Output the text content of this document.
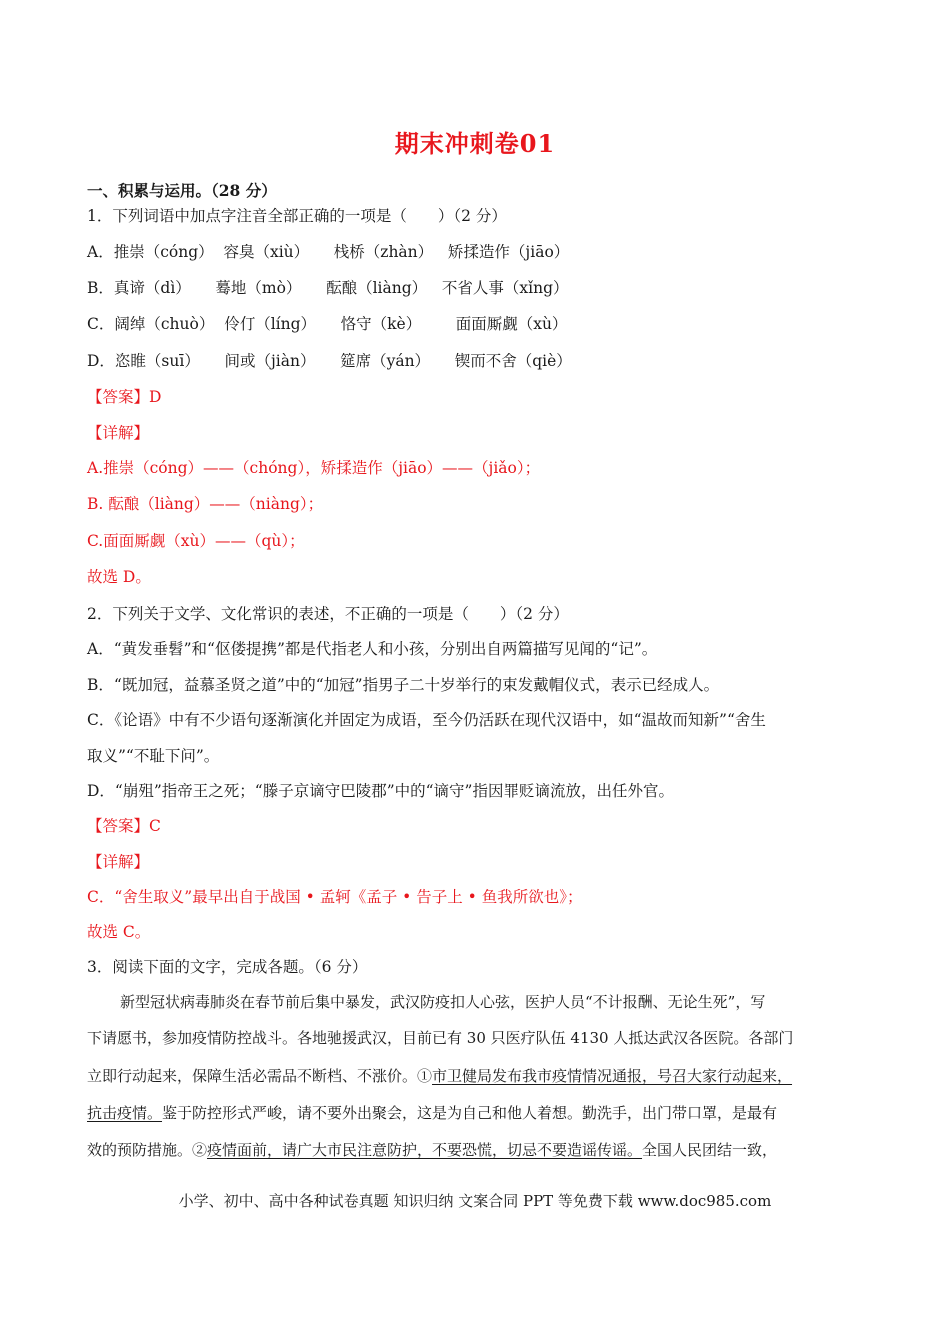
期末冲刺卷01
一、积累与运用。（28 分）
1．下列词语中加点字注音全部正确的一项是（　　）（2 分）
A．推崇（cóng）  容臭（xiù）     栈桥（zhàn）   矫揉造作（jiāo）
B．真谛（dì）     蓦地（mò）     酝酿（liàng）   不省人事（xǐng）
C．阔绰（chuò）  伶仃（líng）     恪守（kè）       面面厮觑（xù）
D．恣睢（suī）     间或（jiàn）     筵席（yán）     锲而不舍（qiè）
【答案】D
【详解】
A.推崇（cóng）——（chóng），矫揉造作（jiāo）——（jiǎo）；
B. 酝酿（liàng）——（niàng）；
C.面面厮觑（xù）——（qù）；
故选 D。
2．下列关于文学、文化常识的表述，不正确的一项是（　　）（2 分）
A．“黄发垂髫”和“伛偻提携”都是代指老人和小孩，分别出自两篇描写见闻的“记”。
B．“既加冠，益慕圣贤之道”中的“加冠”指男子二十岁举行的束发戴帽仪式，表示已经成人。
C．《论语》中有不少语句逐渐演化并固定为成语，至今仍活跃在现代汉语中，如“温故而知新”“舍生
取义”“不耻下问”。
D．“崩殂”指帝王之死；“滕子京谪守巴陵郡”中的“谪守”指因罪贬谪流放，出任外官。
【答案】C
【详解】
C．“舍生取义”最早出自于战国 • 孟轲《孟子 • 告子上 • 鱼我所欲也》；
故选 C。
3．阅读下面的文字，完成各题。（6 分）
新型冠状病毒肺炎在春节前后集中暴发，武汉防疫扣人心弦，医护人员“不计报酬、无论生死”，写
下请愿书，参加疫情防控战斗。各地驰援武汉，目前已有 30 只医疗队伍 4130 人抵达武汉各医院。各部门
立即行动起来，保障生活必需品不断档、不涨价。①市卫健局发布我市疫情情况通报，号召大家行动起来，
抗击疫情。鉴于防控形式严峻，请不要外出聚会，这是为自己和他人着想。勤洗手，出门带口罩，是最有
效的预防措施。②疫情面前，请广大市民注意防护，不要恐慌，切忌不要造谣传谣。全国人民团结一致，
小学、初中、高中各种试卷真题 知识归纳 文案合同 PPT 等免费下载 www.doc985.com
